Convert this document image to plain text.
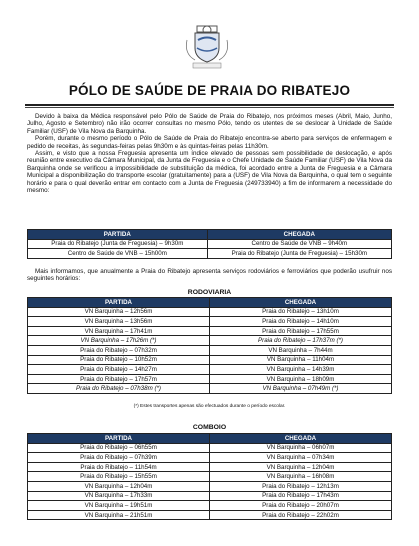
PÓLO DE SAÚDE DE PRAIA DO RIBATEJO

Devido à baixa da Médica responsável pelo Pólo de Saúde de Praia do Ribatejo, nos próximos meses (Abril, Maio, Junho, Julho, Agosto e Setembro) não irão ocorrer consultas no mesmo Pólo, tendo os utentes de se deslocar à Unidade de Saúde Familiar (USF) de Vila Nova da Barquinha.

Porém, durante o mesmo período o Pólo de Saúde de Praia do Ribatejo encontra-se aberto para serviços de enfermagem e pedido de receitas, às segundas-feiras pelas 9h30m e às quintas-feiras pelas 11h30m.

Assim, e visto que a nossa Freguesia apresenta um índice elevado de pessoas sem possibilidade de deslocação, e após reunião entre executivo da Câmara Municipal, da Junta de Freguesia e o Chefe Unidade de Saúde Familiar (USF) de Vila Nova da Barquinha onde se verificou a impossibilidade de substituição da médica, foi acordado entre a Junta de Freguesia e a Câmara Municipal a disponibilização do transporte escolar (gratuitamente) para a (USF) de Vila Nova da Barquinha, o qual tem o seguinte horário e para o qual deverão entrar em contacto com a Junta de Freguesia (249733940) a fim de informarem a necessidade do mesmo:

PARTIDA	CHEGADA
Praia do Ribatejo (Junta de Freguesia) – 9h30m	Centro de Saúde de VNB – 9h40m
Centro de Saúde de VNB – 15h00m	Praia do Ribatejo (Junta de Freguesia) – 15h30m

Mais informamos, que anualmente a Praia do Ribatejo apresenta serviços rodoviários e ferroviários que poderão usufruir nos seguintes horários:

RODOVIARIA
PARTIDA	CHEGADA
VN Barquinha – 12h56m	Praia do Ribatejo – 13h10m
VN Barquinha – 13h56m	Praia do Ribatejo – 14h10m
VN Barquinha – 17h41m	Praia do Ribatejo – 17h55m
VN Barquinha – 17h26m (*)	Praia do Ribatejo – 17h37m (*)
Praia do Ribatejo – 07h32m	VN Barquinha – 7h44m
Praia do Ribatejo – 10h52m	VN Barquinha – 11h04m
Praia do Ribatejo – 14h27m	VN Barquinha – 14h39m
Praia do Ribatejo – 17h57m	VN Barquinha – 18h09m
Praia do Ribatejo – 07h38m (*)	VN Barquinha – 07h49m (*)
(*) Estes transportes apenas são efectuados durante o período escolar.
COMBOIO
PARTIDA	CHEGADA
Praia do Ribatejo – 06h55m	VN Barquinha – 06h07m
Praia do Ribatejo – 07h39m	VN Barquinha – 07h34m
Praia do Ribatejo – 11h54m	VN Barquinha – 12h04m
Praia do Ribatejo – 15h55m	VN Barquinha – 16h08m
VN Barquinha – 12h04m	Praia do Ribatejo – 12h13m
VN Barquinha – 17h33m	Praia do Ribatejo – 17h43m
VN Barquinha – 19h51m	Praia do Ribatejo – 20h07m
VN Barquinha – 21h51m	Praia do Ribatejo – 22h02m
